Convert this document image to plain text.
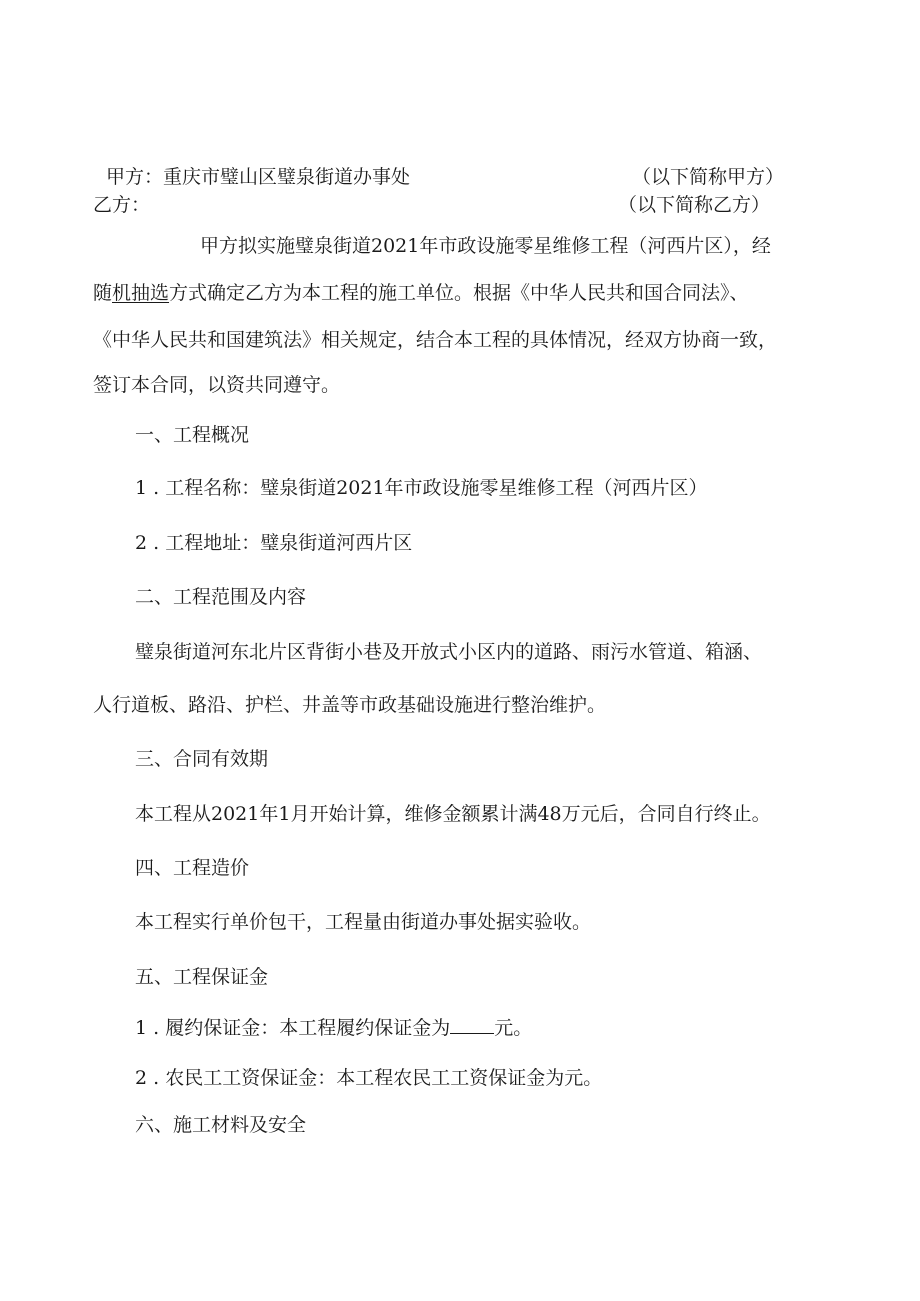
甲方：重庆市璧山区璧泉街道办事处	（以下简称甲方）
乙方：	（以下简称乙方）
甲方拟实施璧泉街道2021年市政设施零星维修工程（河西片区），经
随机抽选方式确定乙方为本工程的施工单位。根据《中华人民共和国合同法》、
《中华人民共和国建筑法》相关规定，结合本工程的具体情况，经双方协商一致，
签订本合同，以资共同遵守。
一、工程概况
1 . 工程名称：璧泉街道2021年市政设施零星维修工程（河西片区）
2 . 工程地址：璧泉街道河西片区
二、工程范围及内容
璧泉街道河东北片区背街小巷及开放式小区内的道路、雨污水管道、箱涵、
人行道板、路沿、护栏、井盖等市政基础设施进行整治维护。
三、合同有效期
本工程从2021年1月开始计算，维修金额累计满48万元后，合同自行终止。
四、工程造价
本工程实行单价包干，工程量由街道办事处据实验收。
五、工程保证金
1 . 履约保证金：本工程履约保证金为 元。
2 . 农民工工资保证金：本工程农民工工资保证金为元。
六、施工材料及安全
